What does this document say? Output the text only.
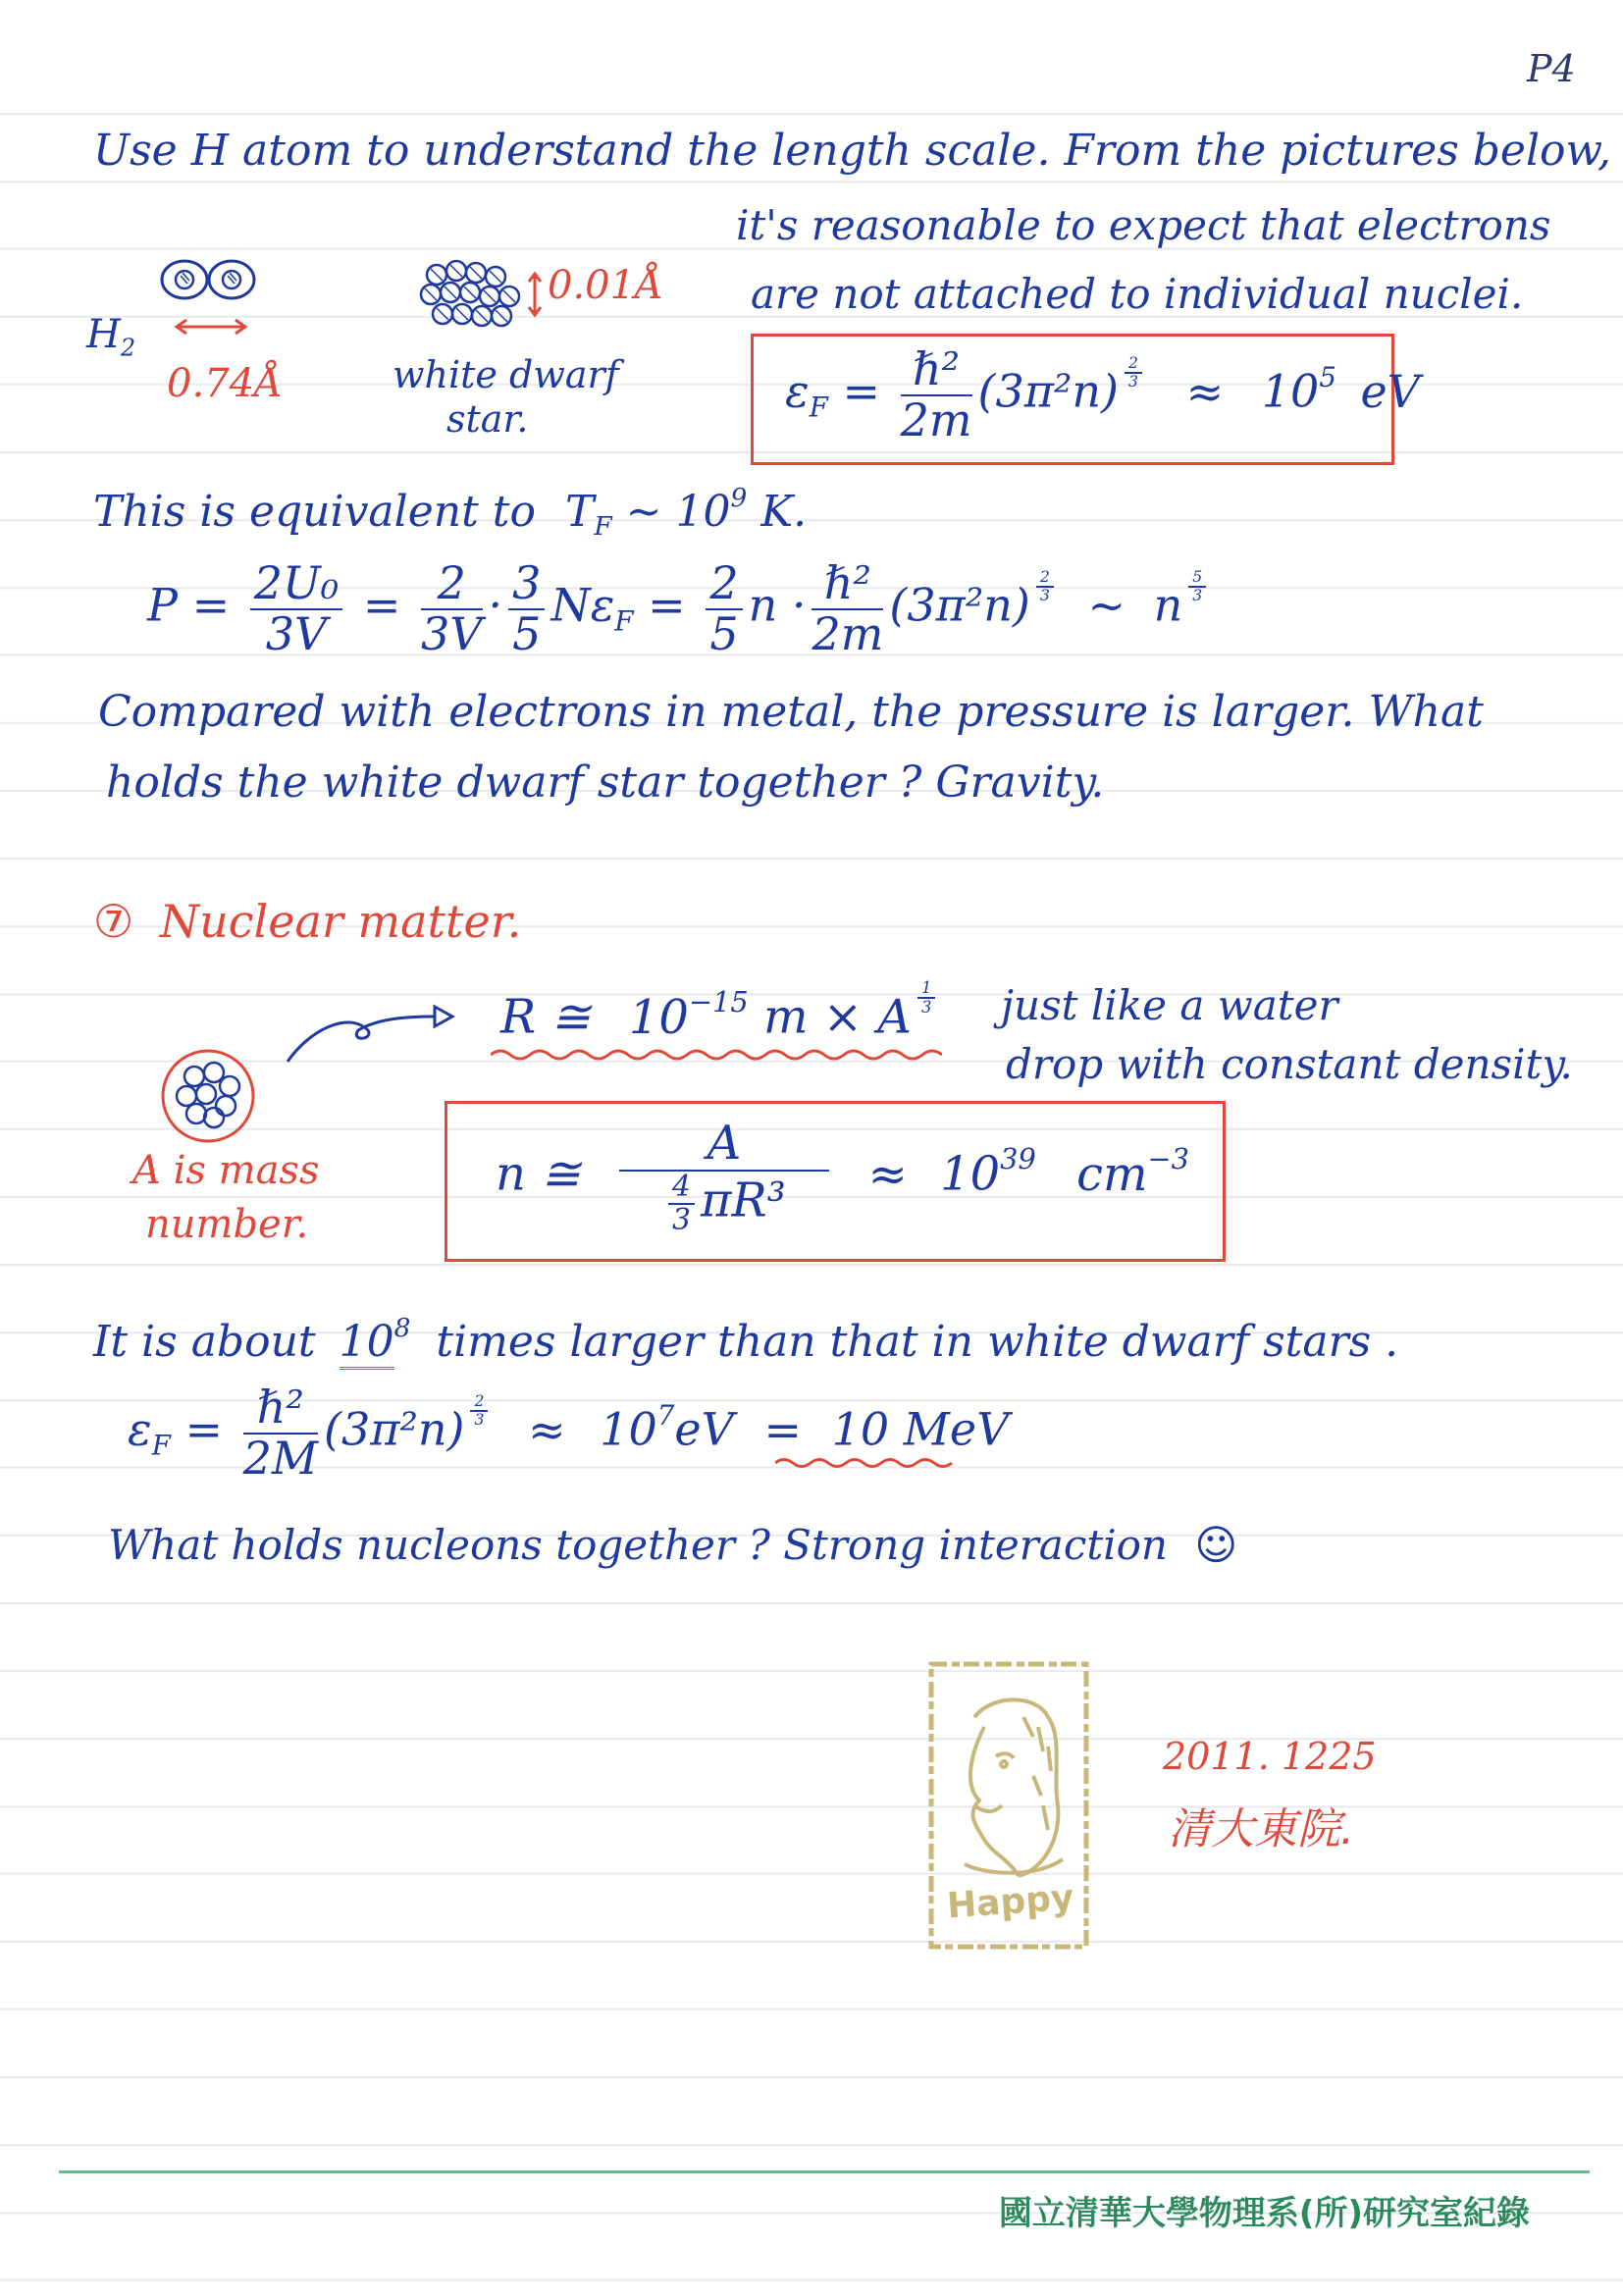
P4
Use H atom to understand the length scale. From the pictures below,
it's reasonable to expect that electrons
are not attached to individual nuclei.
$H_2$
0.74Å
0.01Å
white dwarf
star.
$\varepsilon_F = \frac{\text{ℏ²}}{2m} (3\pi^2n) ^{\frac{2}{3}} \approx 10^5$ eV
This is equivalent to $T_F$ ~ $10^9$ K.
$P = \frac{\text{2U₀}}{3V} = \frac{2}{3V} \cdot \frac{3}{5} N\varepsilon_F = \frac{2}{5}$ $n \cdot \frac{\text{ℏ²}}{2m} (3\pi^2n)$ $^{\frac{2}{3}}$ ~ n $^{\frac{5}{3}}$
Compared with electrons in metal, the pressure is larger. What
holds the white dwarf star together ? Gravity.
⑦ Nuclear matter.
R ≅ $10^{-15}$ m × A $^{\frac{1}{3}}$ just like a water
drop with constant density.
A is mass
number.
n ≅ $\frac{A}{\frac{4}{3} \pi R^3} \approx 10^{39}$ $cm^{-3}$
It is about $10^8$ times larger than that in white dwarf stars .
$\varepsilon_F = \frac{\text{ℏ²}}{2M} (3\pi^2n) ^{\frac{2}{3}} \approx 10^7eV = 10$ MeV
What holds nucleons together ? Strong interaction ☺
Happy
2011. 1225
清大東院.
國立清華大學物理系(所)研究室紀錄
